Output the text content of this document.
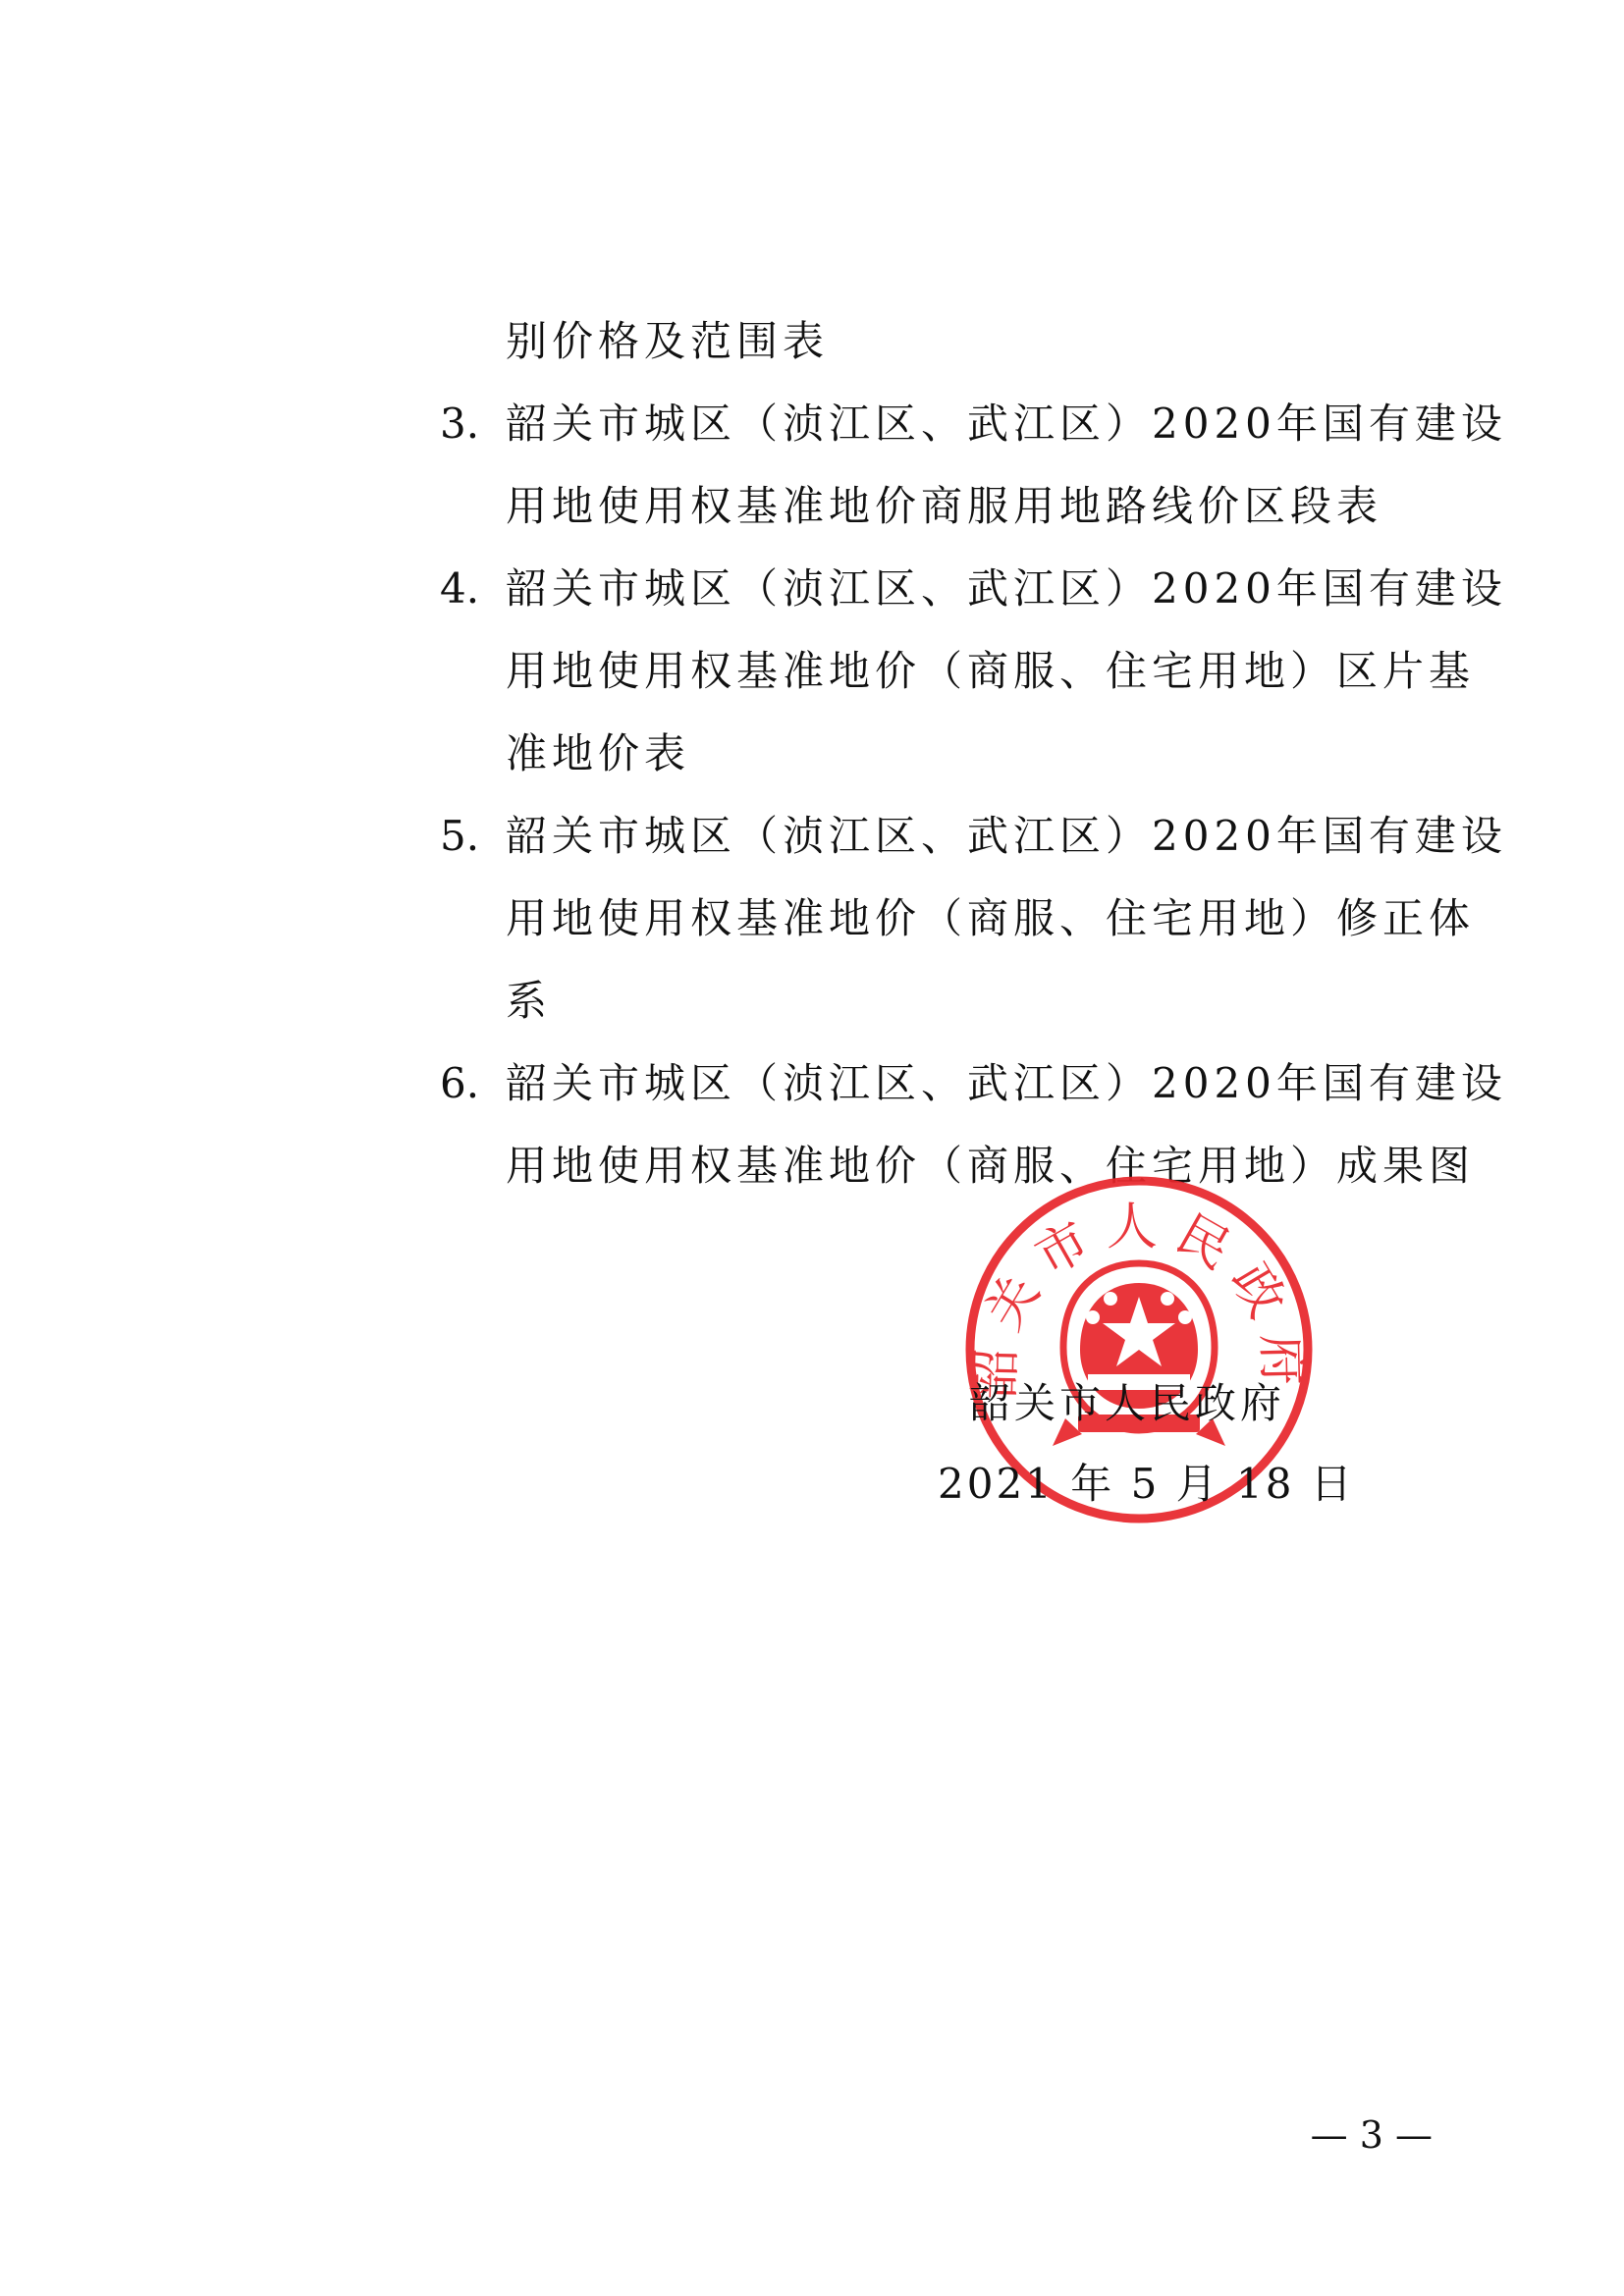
别价格及范围表
3. 韶关市城区（浈江区、武江区）2020年国有建设
用地使用权基准地价商服用地路线价区段表
4. 韶关市城区（浈江区、武江区）2020年国有建设
用地使用权基准地价（商服、住宅用地）区片基
准地价表
5. 韶关市城区（浈江区、武江区）2020年国有建设
用地使用权基准地价（商服、住宅用地）修正体
系
6. 韶关市城区（浈江区、武江区）2020年国有建设
用地使用权基准地价（商服、住宅用地）成果图
韶关市人民政府
韶关市人民政府
2021 年 5 月 18 日
— 3 —
